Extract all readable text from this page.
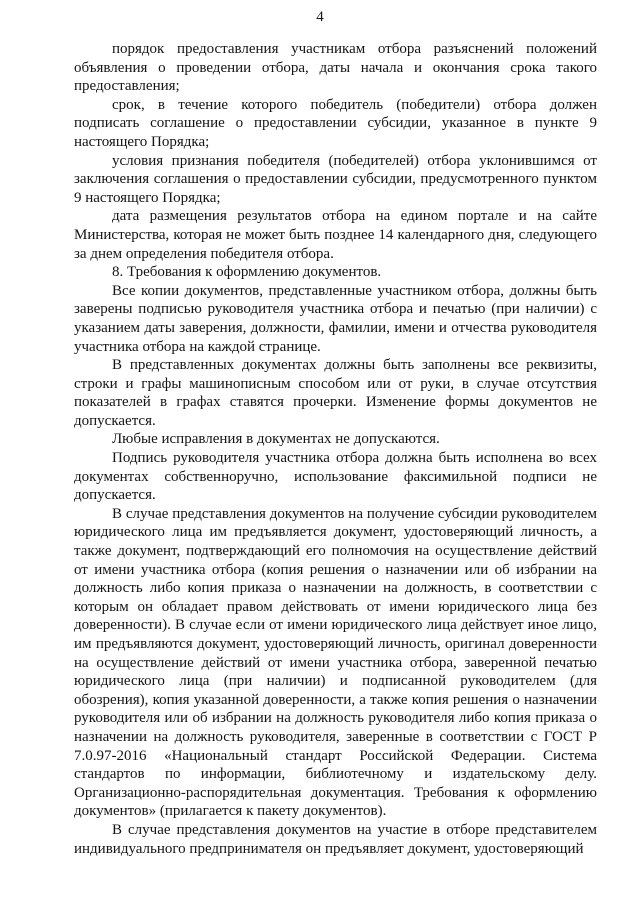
4

порядок предоставления участникам отбора разъяснений положений объявления о проведении отбора, даты начала и окончания срока такого предоставления;

срок, в течение которого победитель (победители) отбора должен подписать соглашение о предоставлении субсидии, указанное в пункте 9 настоящего Порядка;

условия признания победителя (победителей) отбора уклонившимся от заключения соглашения о предоставлении субсидии, предусмотренного пунктом 9 настоящего Порядка;

дата размещения результатов отбора на едином портале и на сайте Министерства, которая не может быть позднее 14 календарного дня, следующего за днем определения победителя отбора.

8. Требования к оформлению документов.

Все копии документов, представленные участником отбора, должны быть заверены подписью руководителя участника отбора и печатью (при наличии) с указанием даты заверения, должности, фамилии, имени и отчества руководителя участника отбора на каждой странице.

В представленных документах должны быть заполнены все реквизиты, строки и графы машинописным способом или от руки, в случае отсутствия показателей в графах ставятся прочерки. Изменение формы документов не допускается.

Любые исправления в документах не допускаются.

Подпись руководителя участника отбора должна быть исполнена во всех документах собственноручно, использование факсимильной подписи не допускается.

В случае представления документов на получение субсидии руководителем юридического лица им предъявляется документ, удостоверяющий личность, а также документ, подтверждающий его полномочия на осуществление действий от имени участника отбора (копия решения о назначении или об избрании на должность либо копия приказа о назначении на должность, в соответствии с которым он обладает правом действовать от имени юридического лица без доверенности). В случае если от имени юридического лица действует иное лицо, им предъявляются документ, удостоверяющий личность, оригинал доверенности на осуществление действий от имени участника отбора, заверенной печатью юридического лица (при наличии) и подписанной руководителем (для обозрения), копия указанной доверенности, а также копия решения о назначении руководителя или об избрании на должность руководителя либо копия приказа о назначении на должность руководителя, заверенные в соответствии с ГОСТ Р 7.0.97-2016 «Национальный стандарт Российской Федерации. Система стандартов по информации, библиотечному и издательскому делу. Организационно-распорядительная документация. Требования к оформлению документов» (прилагается к пакету документов).

В случае представления документов на участие в отборе представителем индивидуального предпринимателя он предъявляет документ, удостоверяющий
